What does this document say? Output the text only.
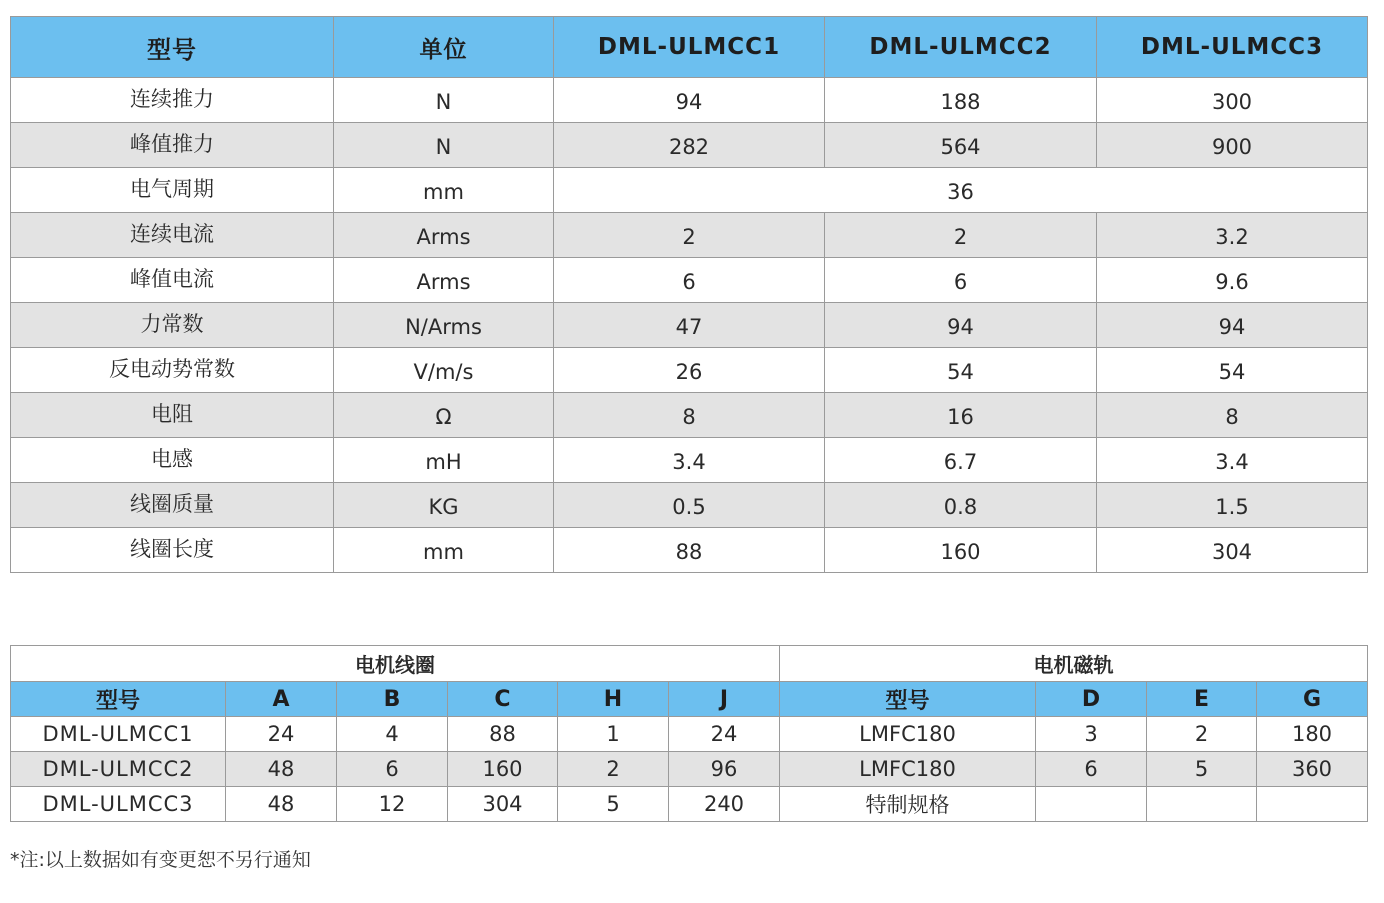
型号	单位	DML-ULMCC1	DML-ULMCC2	DML-ULMCC3
连续推力	N	94	188	300
峰值推力	N	282	564	900
电气周期	mm	36		
连续电流	Arms	2	2	3.2
峰值电流	Arms	6	6	9.6
力常数	N/Arms	47	94	94
反电动势常数	V/m/s	26	54	54
电阻	Ω	8	16	8
电感	mH	3.4	6.7	3.4
线圈质量	KG	0.5	0.8	1.5
线圈长度	mm	88	160	304
电机线圈						电机磁轨			
型号	A	B	C	H	J	型号	D	E	G
DML-ULMCC1	24	4	88	1	24	LMFC180	3	2	180
DML-ULMCC2	48	6	160	2	96	LMFC180	6	5	360
DML-ULMCC3	48	12	304	5	240	特制规格			
*注:以上数据如有变更恕不另行通知
